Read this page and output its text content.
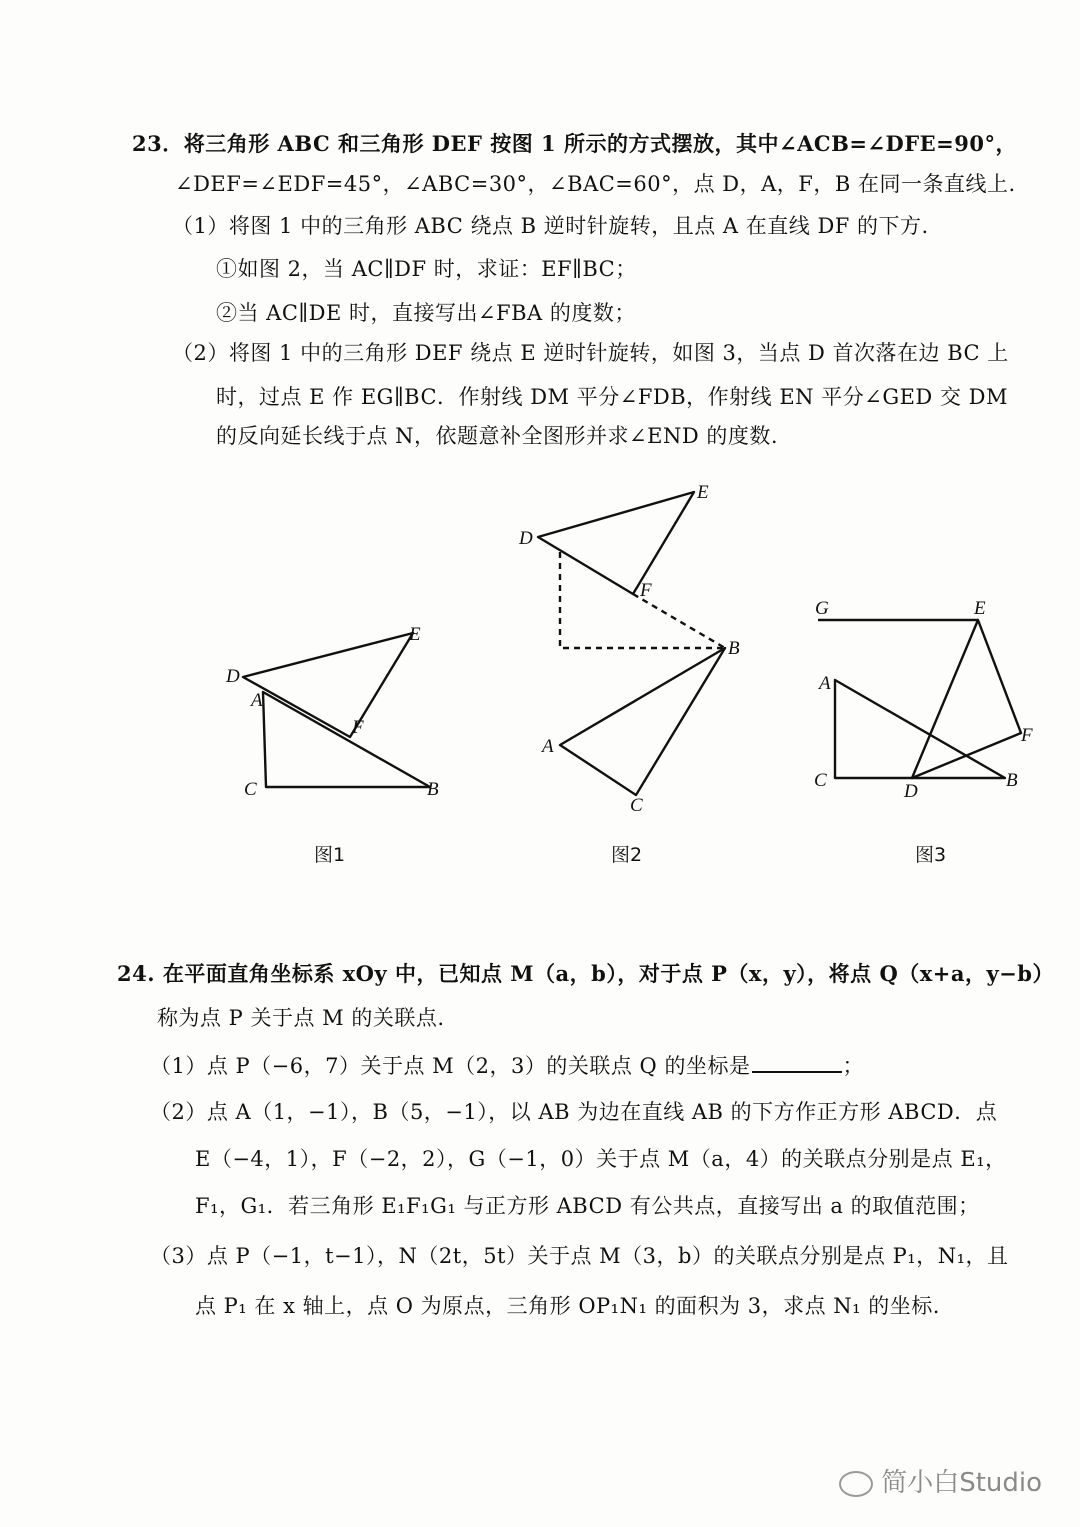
23．将三角形 ABC 和三角形 DEF 按图 1 所示的方式摆放，其中∠ACB=∠DFE=90°，
∠DEF=∠EDF=45°，∠ABC=30°，∠BAC=60°，点 D，A，F，B 在同一条直线上.
（1）将图 1 中的三角形 ABC 绕点 B 逆时针旋转，且点 A 在直线 DF 的下方.
①如图 2，当 AC∥DF 时，求证：EF∥BC；
②当 AC∥DE 时，直接写出∠FBA 的度数；
（2）将图 1 中的三角形 DEF 绕点 E 逆时针旋转，如图 3，当点 D 首次落在边 BC 上
时，过点 E 作 EG∥BC．作射线 DM 平分∠FDB，作射线 EN 平分∠GED 交 DM
的反向延长线于点 N，依题意补全图形并求∠END 的度数.
D
E
A
F
C	B
D
E
F
B
A
C
G	E
A
F
C
D
B
图1	图2	图3
24. 在平面直角坐标系 xOy 中，已知点 M（a，b），对于点 P（x，y），将点 Q（x+a，y−b）
称为点 P 关于点 M 的关联点.
（1）点 P（−6，7）关于点 M（2，3）的关联点 Q 的坐标是	；
（2）点 A（1，−1），B（5，−1），以 AB 为边在直线 AB 的下方作正方形 ABCD．点
E（−4，1），F（−2，2），G（−1，0）关于点 M（a，4）的关联点分别是点 E₁，
F₁，G₁．若三角形 E₁F₁G₁ 与正方形 ABCD 有公共点，直接写出 a 的取值范围；
（3）点 P（−1，t−1），N（2t，5t）关于点 M（3，b）的关联点分别是点 P₁，N₁，且
点 P₁ 在 x 轴上，点 O 为原点，三角形 OP₁N₁ 的面积为 3，求点 N₁ 的坐标.
简小白Studio
